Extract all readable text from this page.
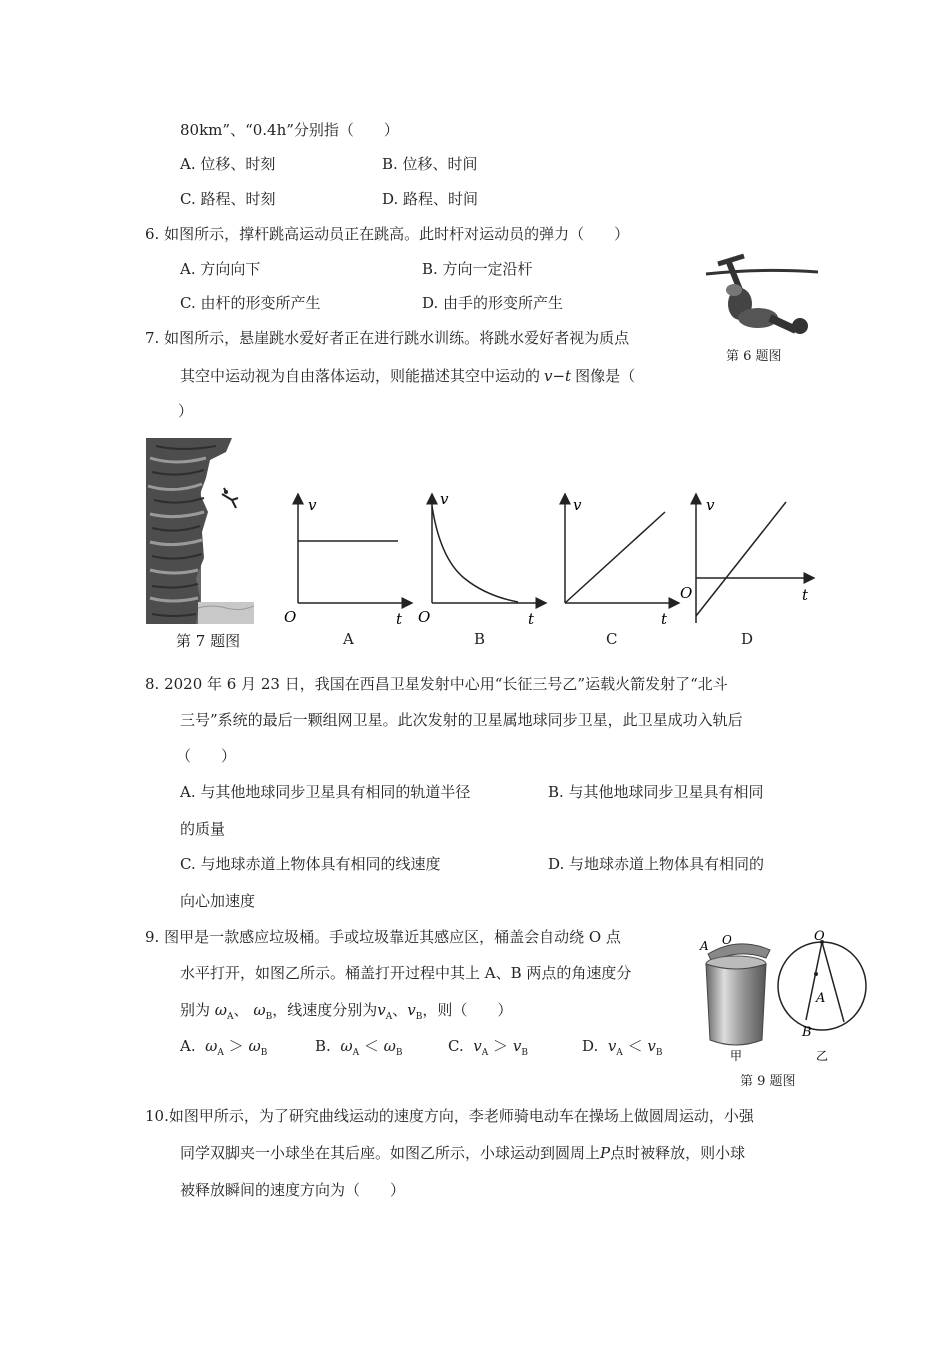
80km”、“0.4h”分别指（　　）
A. 位移、时刻	B. 位移、时间
C. 路程、时刻	D. 路程、时间
6. 如图所示，撑杆跳高运动员正在跳高。此时杆对运动员的弹力（　　）
A. 方向向下	B. 方向一定沿杆
C. 由杆的形变所产生	D. 由手的形变所产生
第 6 题图
7. 如图所示，悬崖跳水爱好者正在进行跳水训练。将跳水爱好者视为质点
其空中运动视为自由落体运动，则能描述其空中运动的 v−t 图像是（
）
第 7 题图
v
t
O
A
v
t
O
B
v
t
C
v
t
O
D
8. 2020 年 6 月 23 日，我国在西昌卫星发射中心用“长征三号乙”运载火箭发射了“北斗
三号”系统的最后一颗组网卫星。此次发射的卫星属地球同步卫星，此卫星成功入轨后
（　　）
A. 与其他地球同步卫星具有相同的轨道半径	B. 与其他地球同步卫星具有相同
的质量
C. 与地球赤道上物体具有相同的线速度	D. 与地球赤道上物体具有相同的
向心加速度
9. 图甲是一款感应垃圾桶。手或垃圾靠近其感应区，桶盖会自动绕 O 点
水平打开，如图乙所示。桶盖打开过程中其上 A、B 两点的角速度分
别为 $\omega_A$、 $\omega_B$，线速度分别为$v_A$、$v_B$，则（　　）
A. $\omega_A > \omega_B$	B. $\omega_A < \omega_B$	C. $v_A > v_B$	D. $v_A < v_B$
A O
甲
O
A
B
乙
第 9 题图
10.如图甲所示，为了研究曲线运动的速度方向，李老师骑电动车在操场上做圆周运动，小强
同学双脚夹一小球坐在其后座。如图乙所示，小球运动到圆周上P点时被释放，则小球
被释放瞬间的速度方向为（　　）
